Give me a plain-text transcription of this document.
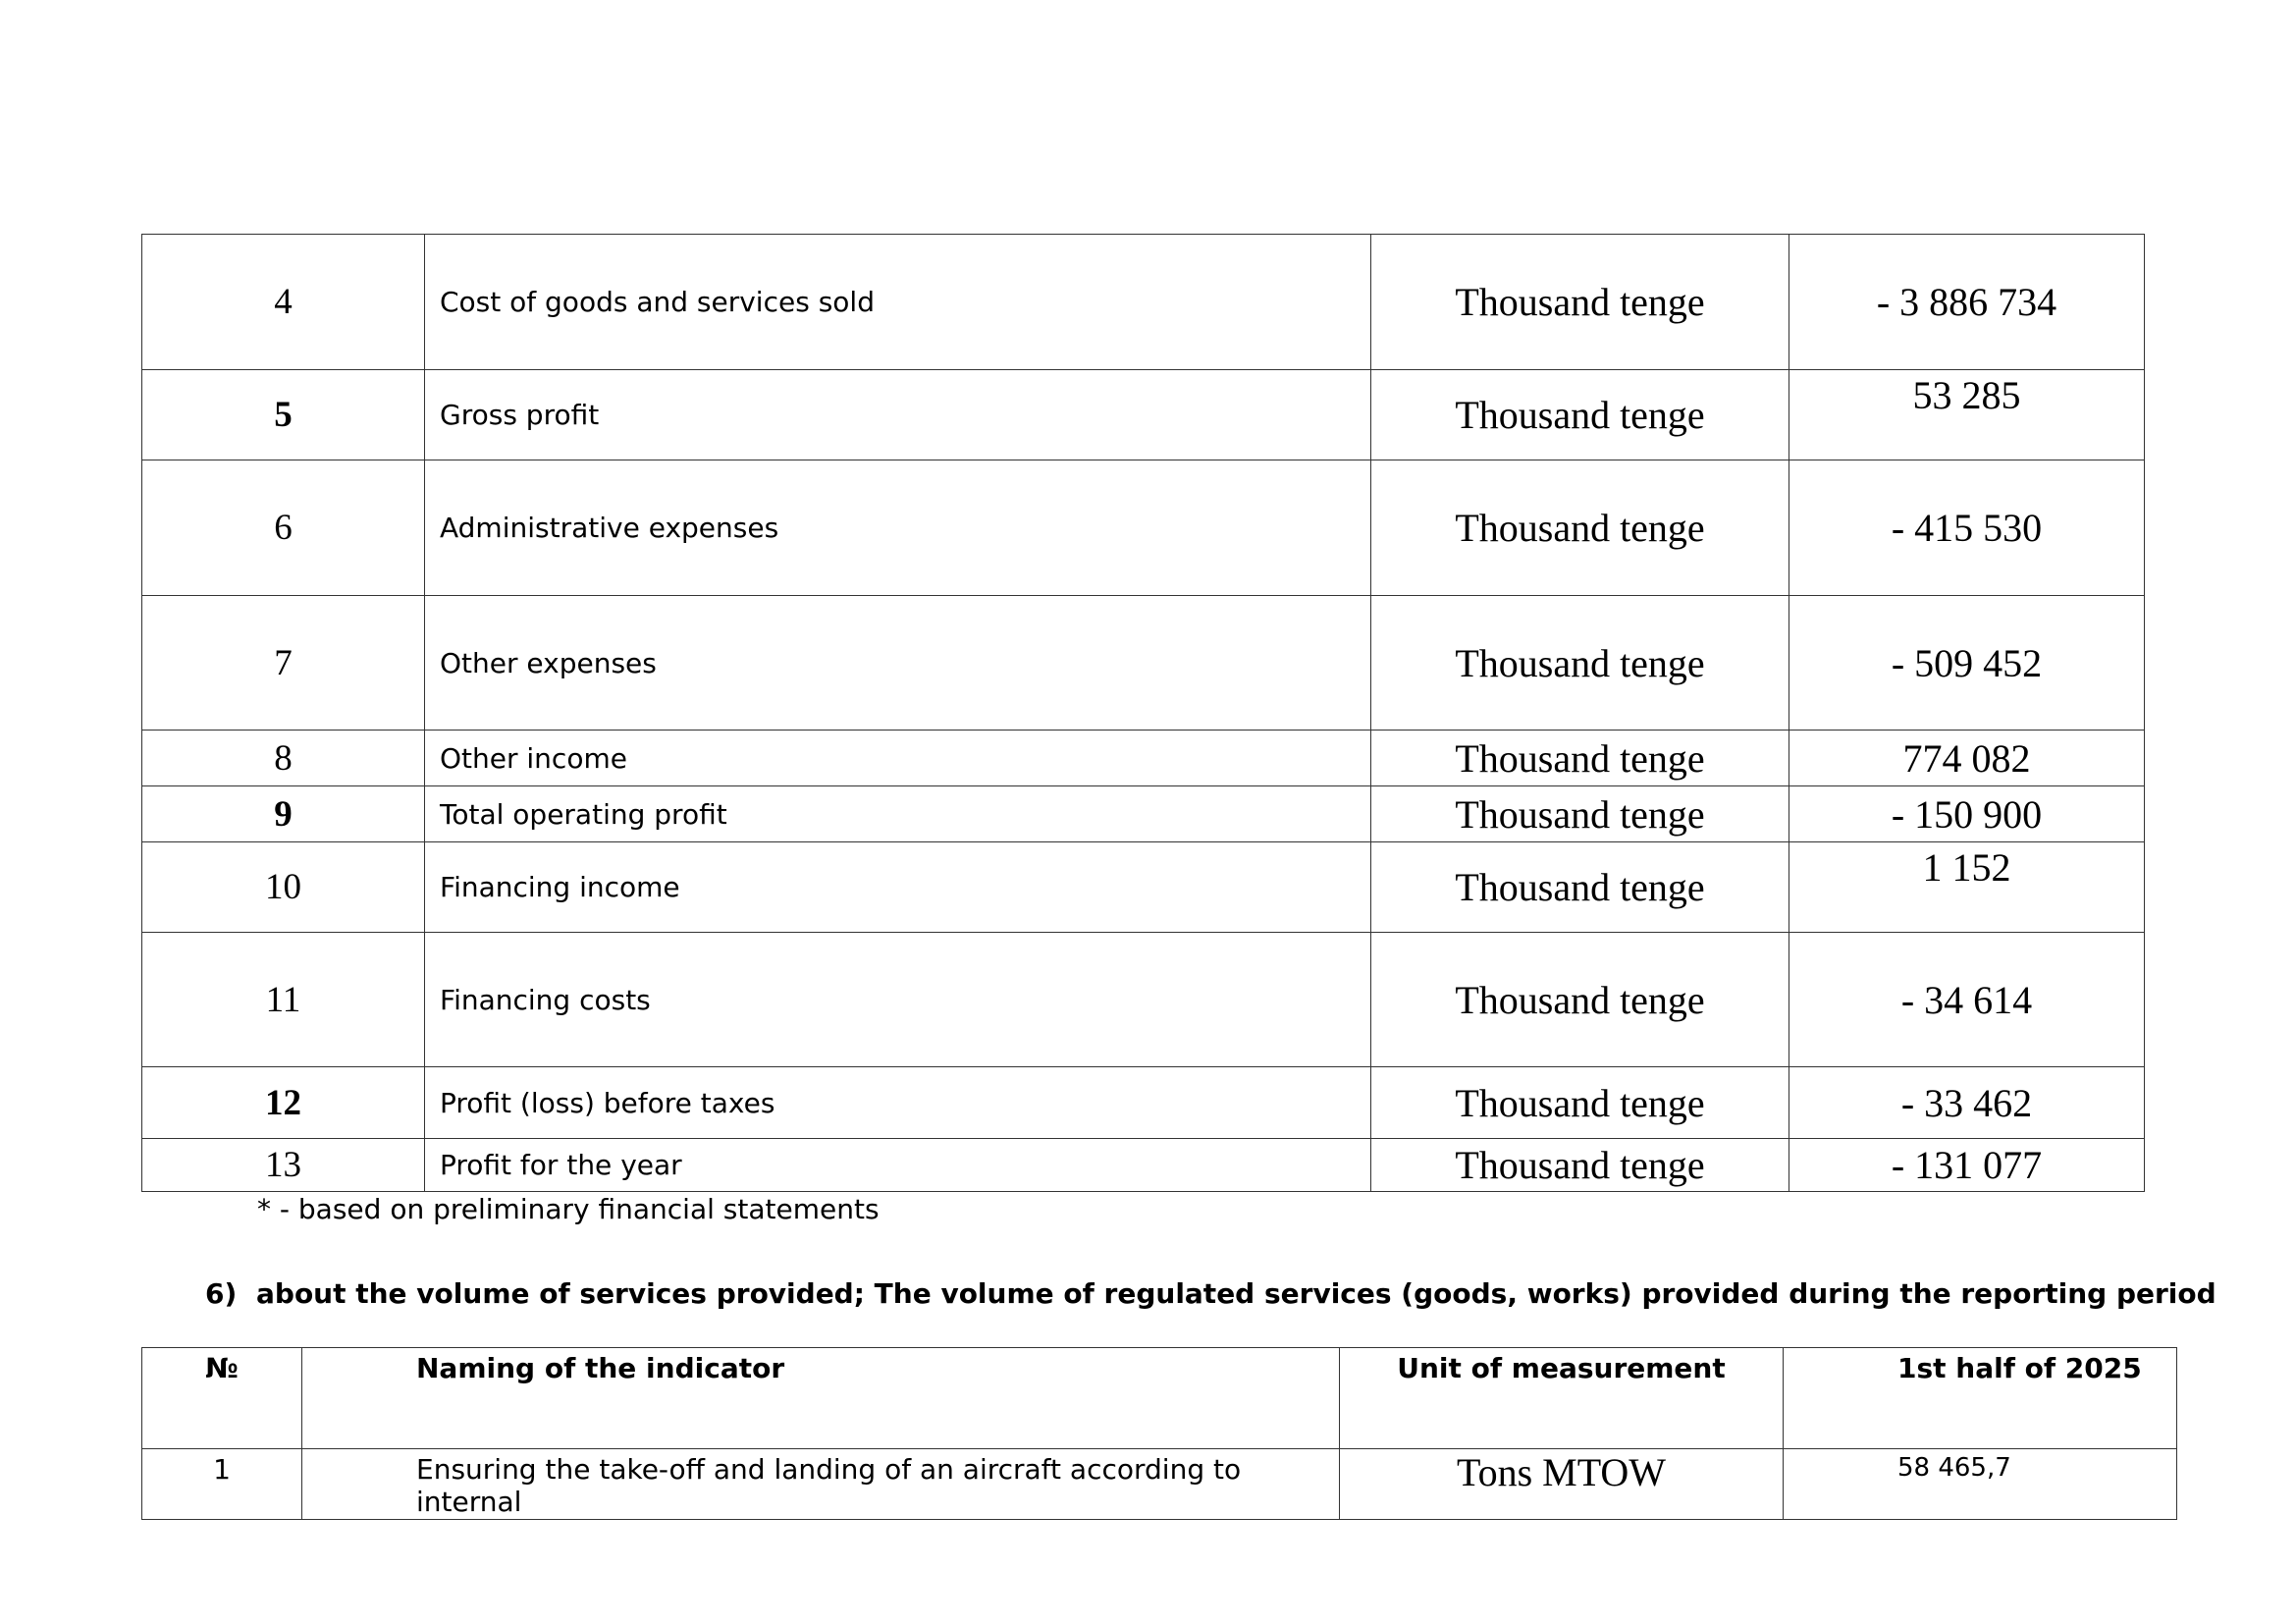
4	Cost of goods and services sold	Thousand tenge	- 3 886 734
5	Gross profit	Thousand tenge	53 285
6	Administrative expenses	Thousand tenge	- 415 530
7	Other expenses	Thousand tenge	- 509 452
8	Other income	Thousand tenge	774 082
9	Total operating profit	Thousand tenge	- 150 900
10	Financing income	Thousand tenge	1 152
11	Financing costs	Thousand tenge	- 34 614
12	Profit (loss) before taxes	Thousand tenge	- 33 462
13	Profit for the year	Thousand tenge	- 131 077
* - based on preliminary financial statements
6) about the volume of services provided; The volume of regulated services (goods, works) provided during the reporting period
№	Naming of the indicator	Unit of measurement	1st half of 2025
1	Ensuring the take-off and landing of an aircraft according to internal	Tons MTOW	58 465,7
